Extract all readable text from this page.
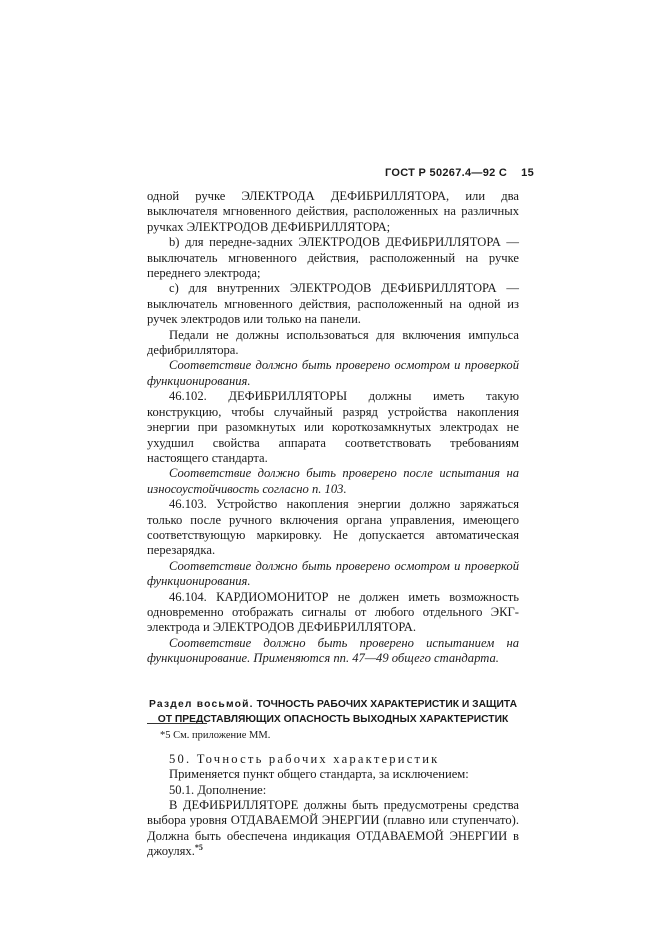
ГОСТ Р 50267.4—92 С 15

одной ручке ЭЛЕКТРОДА ДЕФИБРИЛЛЯТОРА, или два выключателя мгновенного действия, расположенных на различных ручках ЭЛЕКТРОДОВ ДЕФИБРИЛЛЯТОРА;

b) для передне-задних ЭЛЕКТРОДОВ ДЕФИБРИЛЛЯТОРА — выключатель мгновенного действия, расположенный на ручке переднего электрода;

с) для внутренних ЭЛЕКТРОДОВ ДЕФИБРИЛЛЯТОРА — выключатель мгновенного действия, расположенный на одной из ручек электродов или только на панели.

Педали не должны использоваться для включения импульса дефибриллятора.

Соответствие должно быть проверено осмотром и проверкой функционирования.

46.102. ДЕФИБРИЛЛЯТОРЫ должны иметь такую конструкцию, чтобы случайный разряд устройства накопления энергии при разомкнутых или короткозамкнутых электродах не ухудшил свойства аппарата соответствовать требованиям настоящего стандарта.

Соответствие должно быть проверено после испытания на износоустойчивость согласно п. 103.

46.103. Устройство накопления энергии должно заряжаться только после ручного включения органа управления, имеющего соответствующую маркировку. Не допускается автоматическая перезарядка.

Соответствие должно быть проверено осмотром и проверкой функционирования.

46.104. КАРДИОМОНИТОР не должен иметь возможность одновременно отображать сигналы от любого отдельного ЭКГ-электрода и ЭЛЕКТРОДОВ ДЕФИБРИЛЛЯТОРА.

Соответствие должно быть проверено испытанием на функционирование. Применяются пп. 47—49 общего стандарта.

Раздел восьмой. ТОЧНОСТЬ РАБОЧИХ ХАРАКТЕРИСТИК И ЗАЩИТА ОТ ПРЕДСТАВЛЯЮЩИХ ОПАСНОСТЬ ВЫХОДНЫХ ХАРАКТЕРИСТИК

50. Точность рабочих характеристик

Применяется пункт общего стандарта, за исключением:

50.1. Дополнение:

В ДЕФИБРИЛЛЯТОРЕ должны быть предусмотрены средства выбора уровня ОТДАВАЕМОЙ ЭНЕРГИИ (плавно или ступенчато). Должна быть обеспечена индикация ОТДАВАЕМОЙ ЭНЕРГИИ в джоулях.$^{*5}$

*5 См. приложение ММ.
